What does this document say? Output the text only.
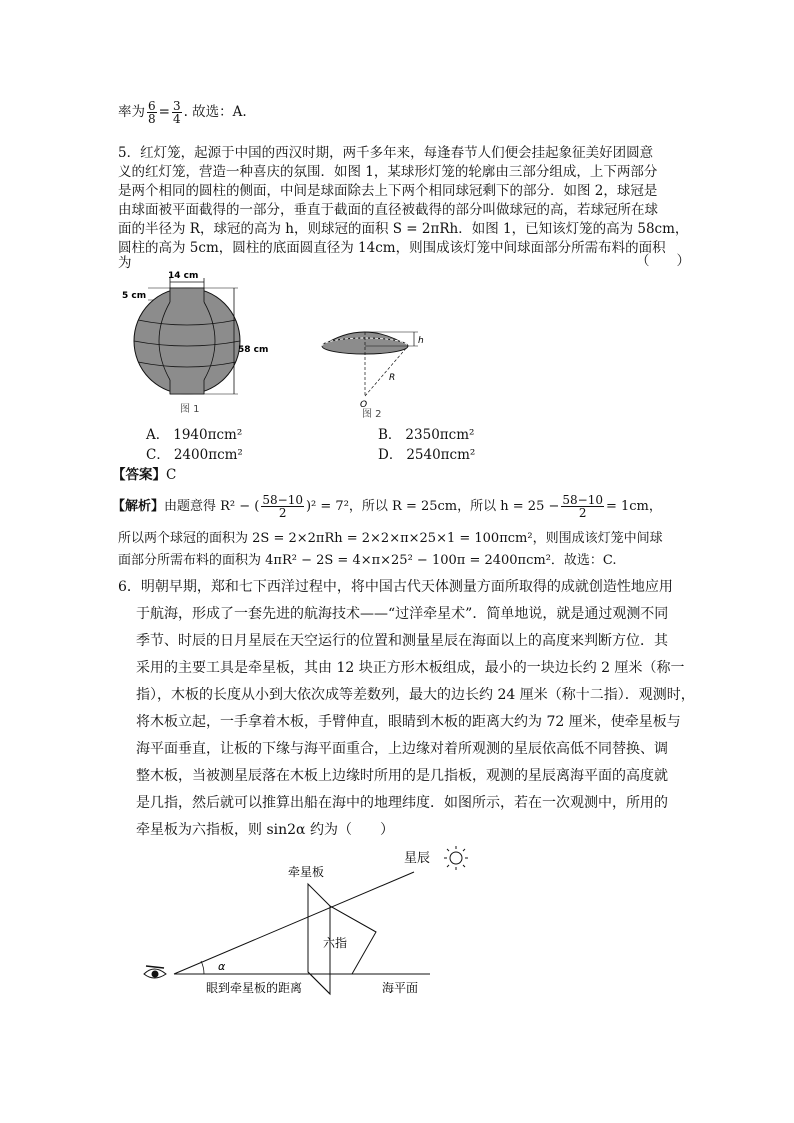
率为 $\frac{6}{8} = \frac{3}{4}$ . 故选：A.
5．红灯笼，起源于中国的西汉时期，两千多年来，每逢春节人们便会挂起象征美好团圆意
义的红灯笼，营造一种喜庆的氛围．如图 1，某球形灯笼的轮廓由三部分组成，上下两部分
是两个相同的圆柱的侧面，中间是球面除去上下两个相同球冠剩下的部分．如图 2，球冠是
由球面被平面截得的一部分，垂直于截面的直径被截得的部分叫做球冠的高，若球冠所在球
面的半径为 R，球冠的高为 h，则球冠的面积 S = 2πRh．如图 1，已知该灯笼的高为 58cm，
圆柱的高为 5cm，圆柱的底面圆直径为 14cm，则围成该灯笼中间球面部分所需布料的面积
为	（　　）
14 cm
5 cm
58 cm
图 1
h
R
O
图 2
A． 1940πcm²	B． 2350πcm²
C． 2400πcm²	D． 2540πcm²
【答案】C
【解析】由题意得 R² − ( $\frac{58-10}{2} )^2 = 7^2$，所以 R = 25cm，所以 $h = 25 - \frac{58-10}{2} = 1cm$，
所以两个球冠的面积为 2S = 2×2πRh = 2×2×π×25×1 = 100πcm²，则围成该灯笼中间球
面部分所需布料的面积为 4πR² − 2S = 4×π×25² − 100π = 2400πcm²．故选：C.
6．明朝早期，郑和七下西洋过程中，将中国古代天体测量方面所取得的成就创造性地应用
于航海，形成了一套先进的航海技术——“过洋牵星术”．简单地说，就是通过观测不同
季节、时辰的日月星辰在天空运行的位置和测量星辰在海面以上的高度来判断方位．其
采用的主要工具是牵星板，其由 12 块正方形木板组成，最小的一块边长约 2 厘米（称一
指），木板的长度从小到大依次成等差数列，最大的边长约 24 厘米（称十二指）．观测时，
将木板立起，一手拿着木板，手臂伸直，眼睛到木板的距离大约为 72 厘米，使牵星板与
海平面垂直，让板的下缘与海平面重合，上边缘对着所观测的星辰依高低不同替换、调
整木板，当被测星辰落在木板上边缘时所用的是几指板，观测的星辰离海平面的高度就
是几指，然后就可以推算出船在海中的地理纬度．如图所示，若在一次观测中，所用的
牵星板为六指板，则 sin2α 约为（　　）
α
六指
牵星板
星辰
眼到牵星板的距离	海平面
